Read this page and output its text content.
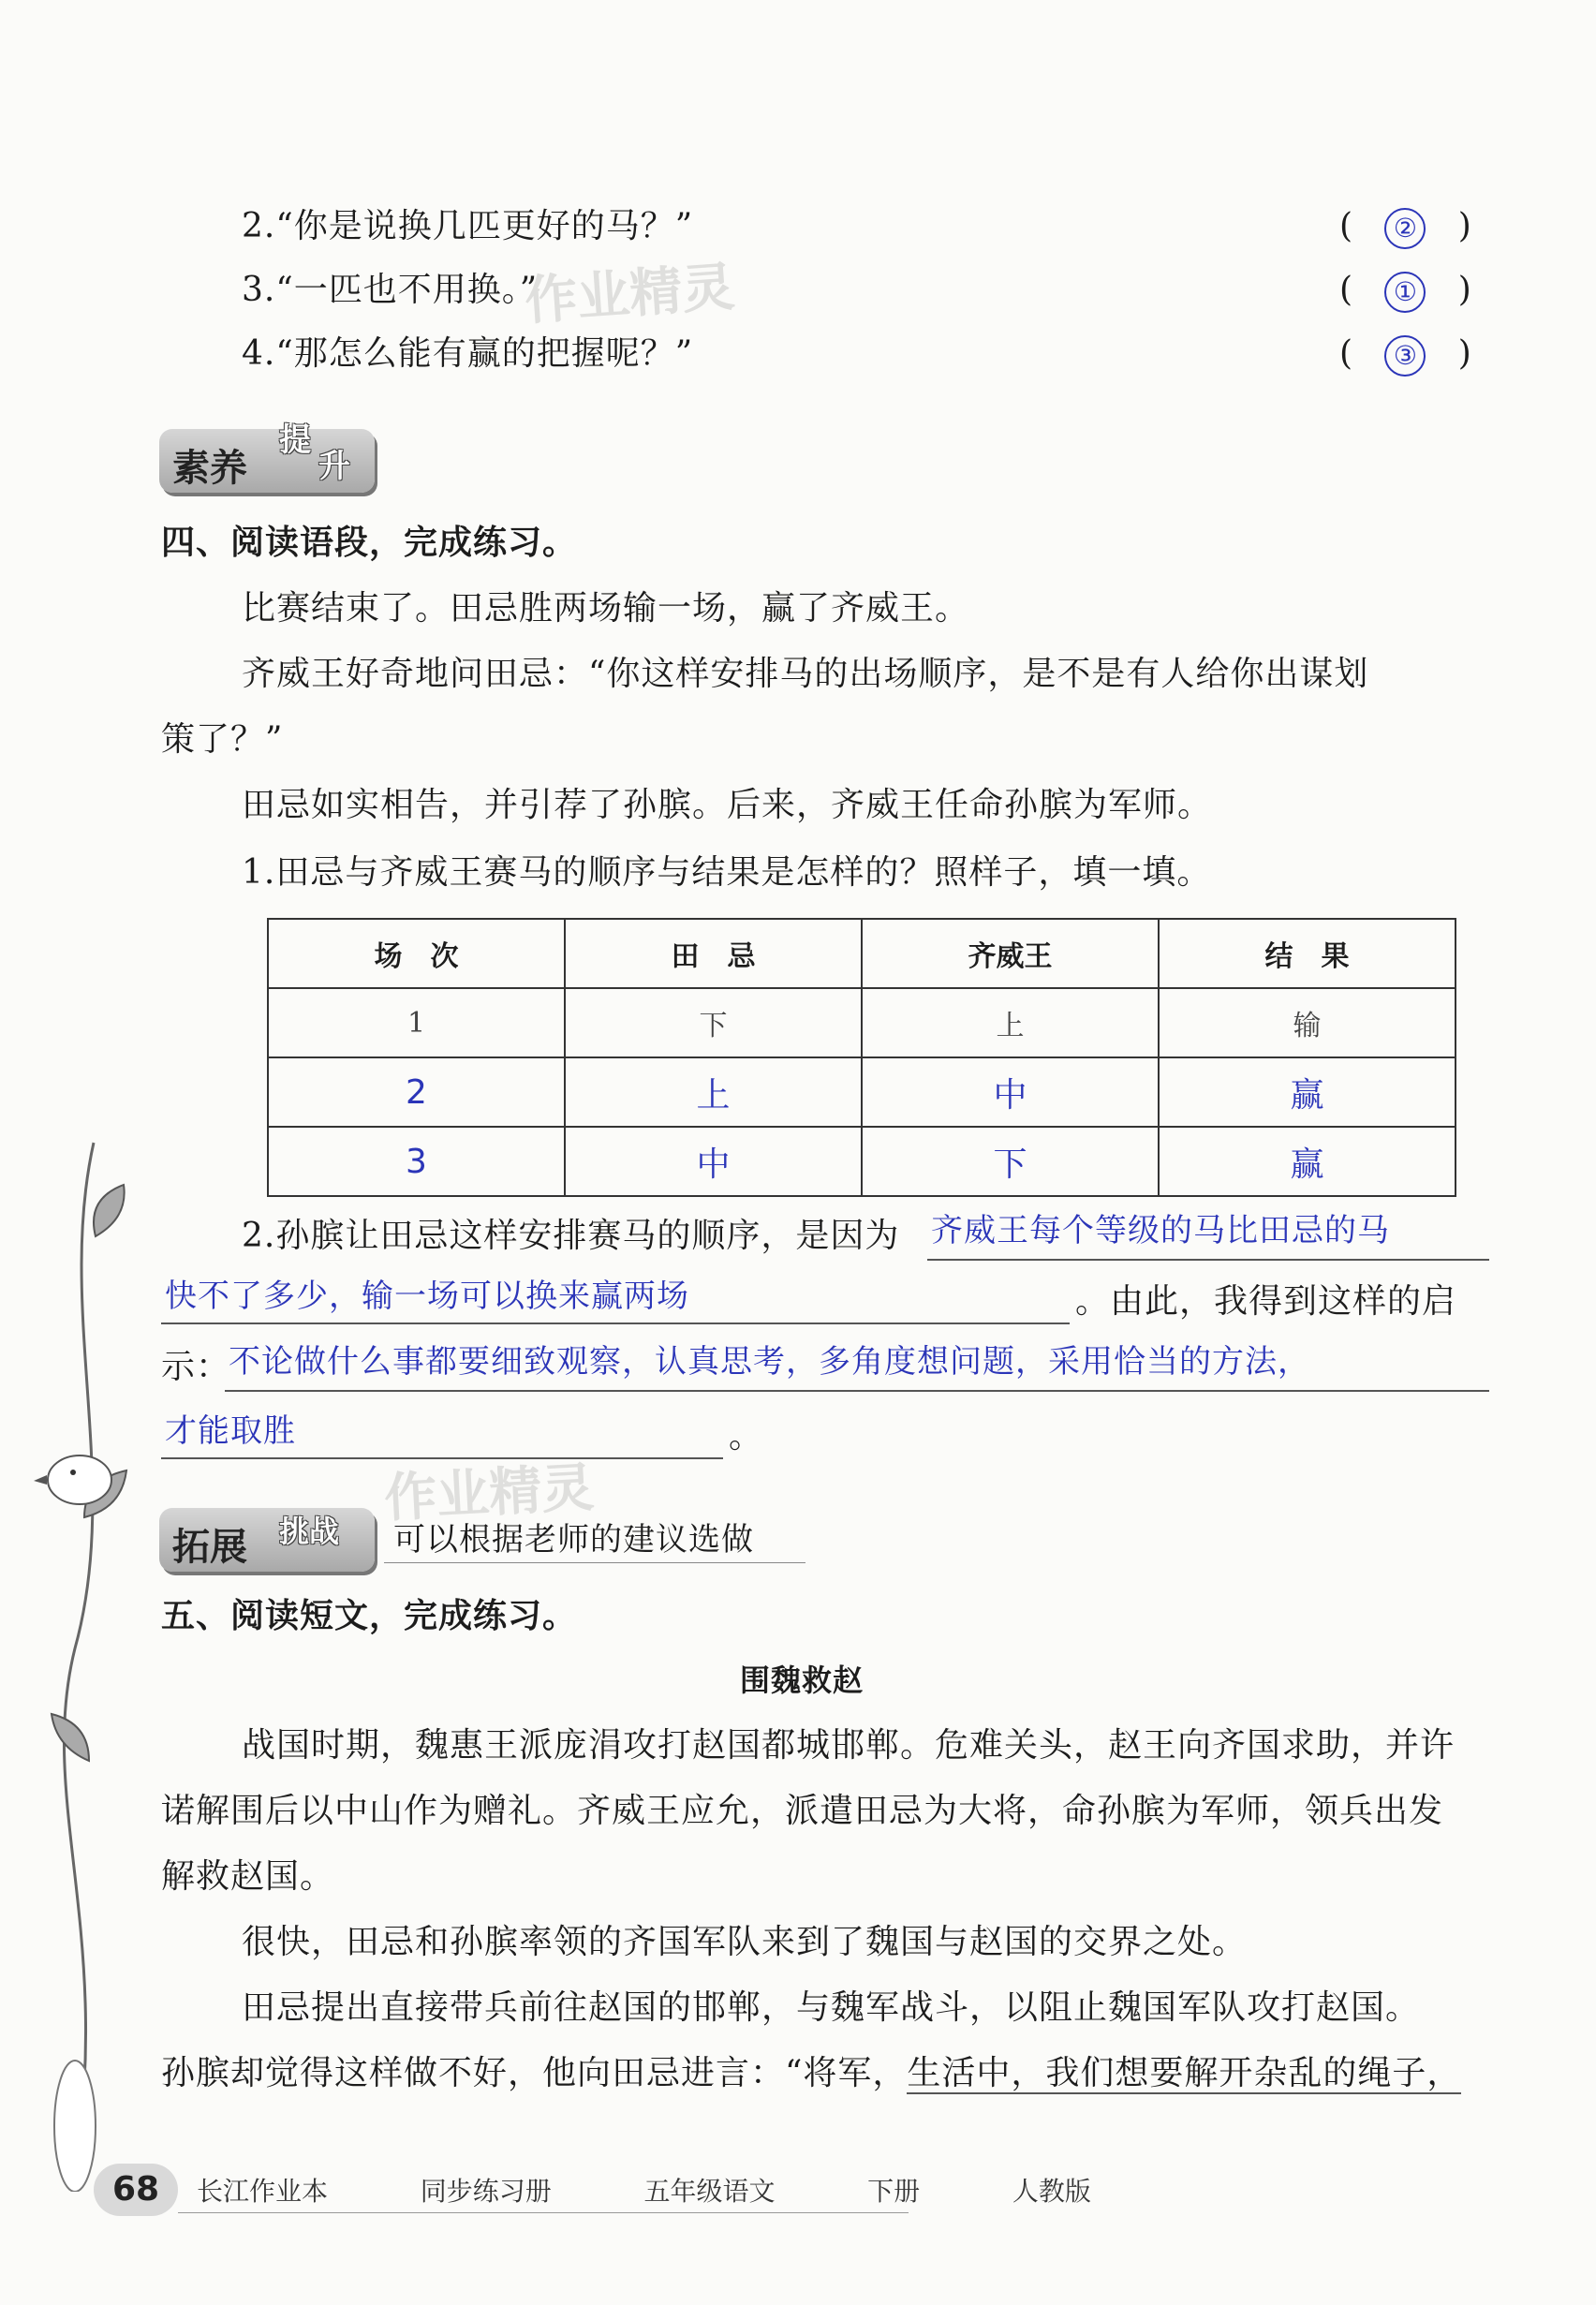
2.“你是说换几匹更好的马？”	( ② )
3.“一匹也不用换。”	( ① )
4.“那怎么能有赢的把握呢？”	( ③ )
作业精灵
素养
提
升
四、阅读语段，完成练习。
比赛结束了。田忌胜两场输一场，赢了齐威王。
齐威王好奇地问田忌：“你这样安排马的出场顺序，是不是有人给你出谋划
策了？”
田忌如实相告，并引荐了孙膑。后来，齐威王任命孙膑为军师。
1.田忌与齐威王赛马的顺序与结果是怎样的？照样子，填一填。
场　次	田　忌	齐威王	结　果
1	下	上	输
2	上	中	赢
3	中	下	赢
2.孙膑让田忌这样安排赛马的顺序，是因为 齐威王每个等级的马比田忌的马
快不了多少，输一场可以换来赢两场	。由此，我得到这样的启
示：
不论做什么事都要细致观察，认真思考，多角度想问题，采用恰当的方法，
才能取胜	。
作业精灵
拓展 挑战 可以根据老师的建议选做
五、阅读短文，完成练习。
围魏救赵
战国时期，魏惠王派庞涓攻打赵国都城邯郸。危难关头，赵王向齐国求助，并许
诺解围后以中山作为赠礼。齐威王应允，派遣田忌为大将，命孙膑为军师，领兵出发
解救赵国。
很快，田忌和孙膑率领的齐国军队来到了魏国与赵国的交界之处。
田忌提出直接带兵前往赵国的邯郸，与魏军战斗，以阻止魏国军队攻打赵国。
孙膑却觉得这样做不好，他向田忌进言：“将军，生活中，我们想要解开杂乱的绳子，
68	长江作业本	同步练习册	五年级语文	下册	人教版
